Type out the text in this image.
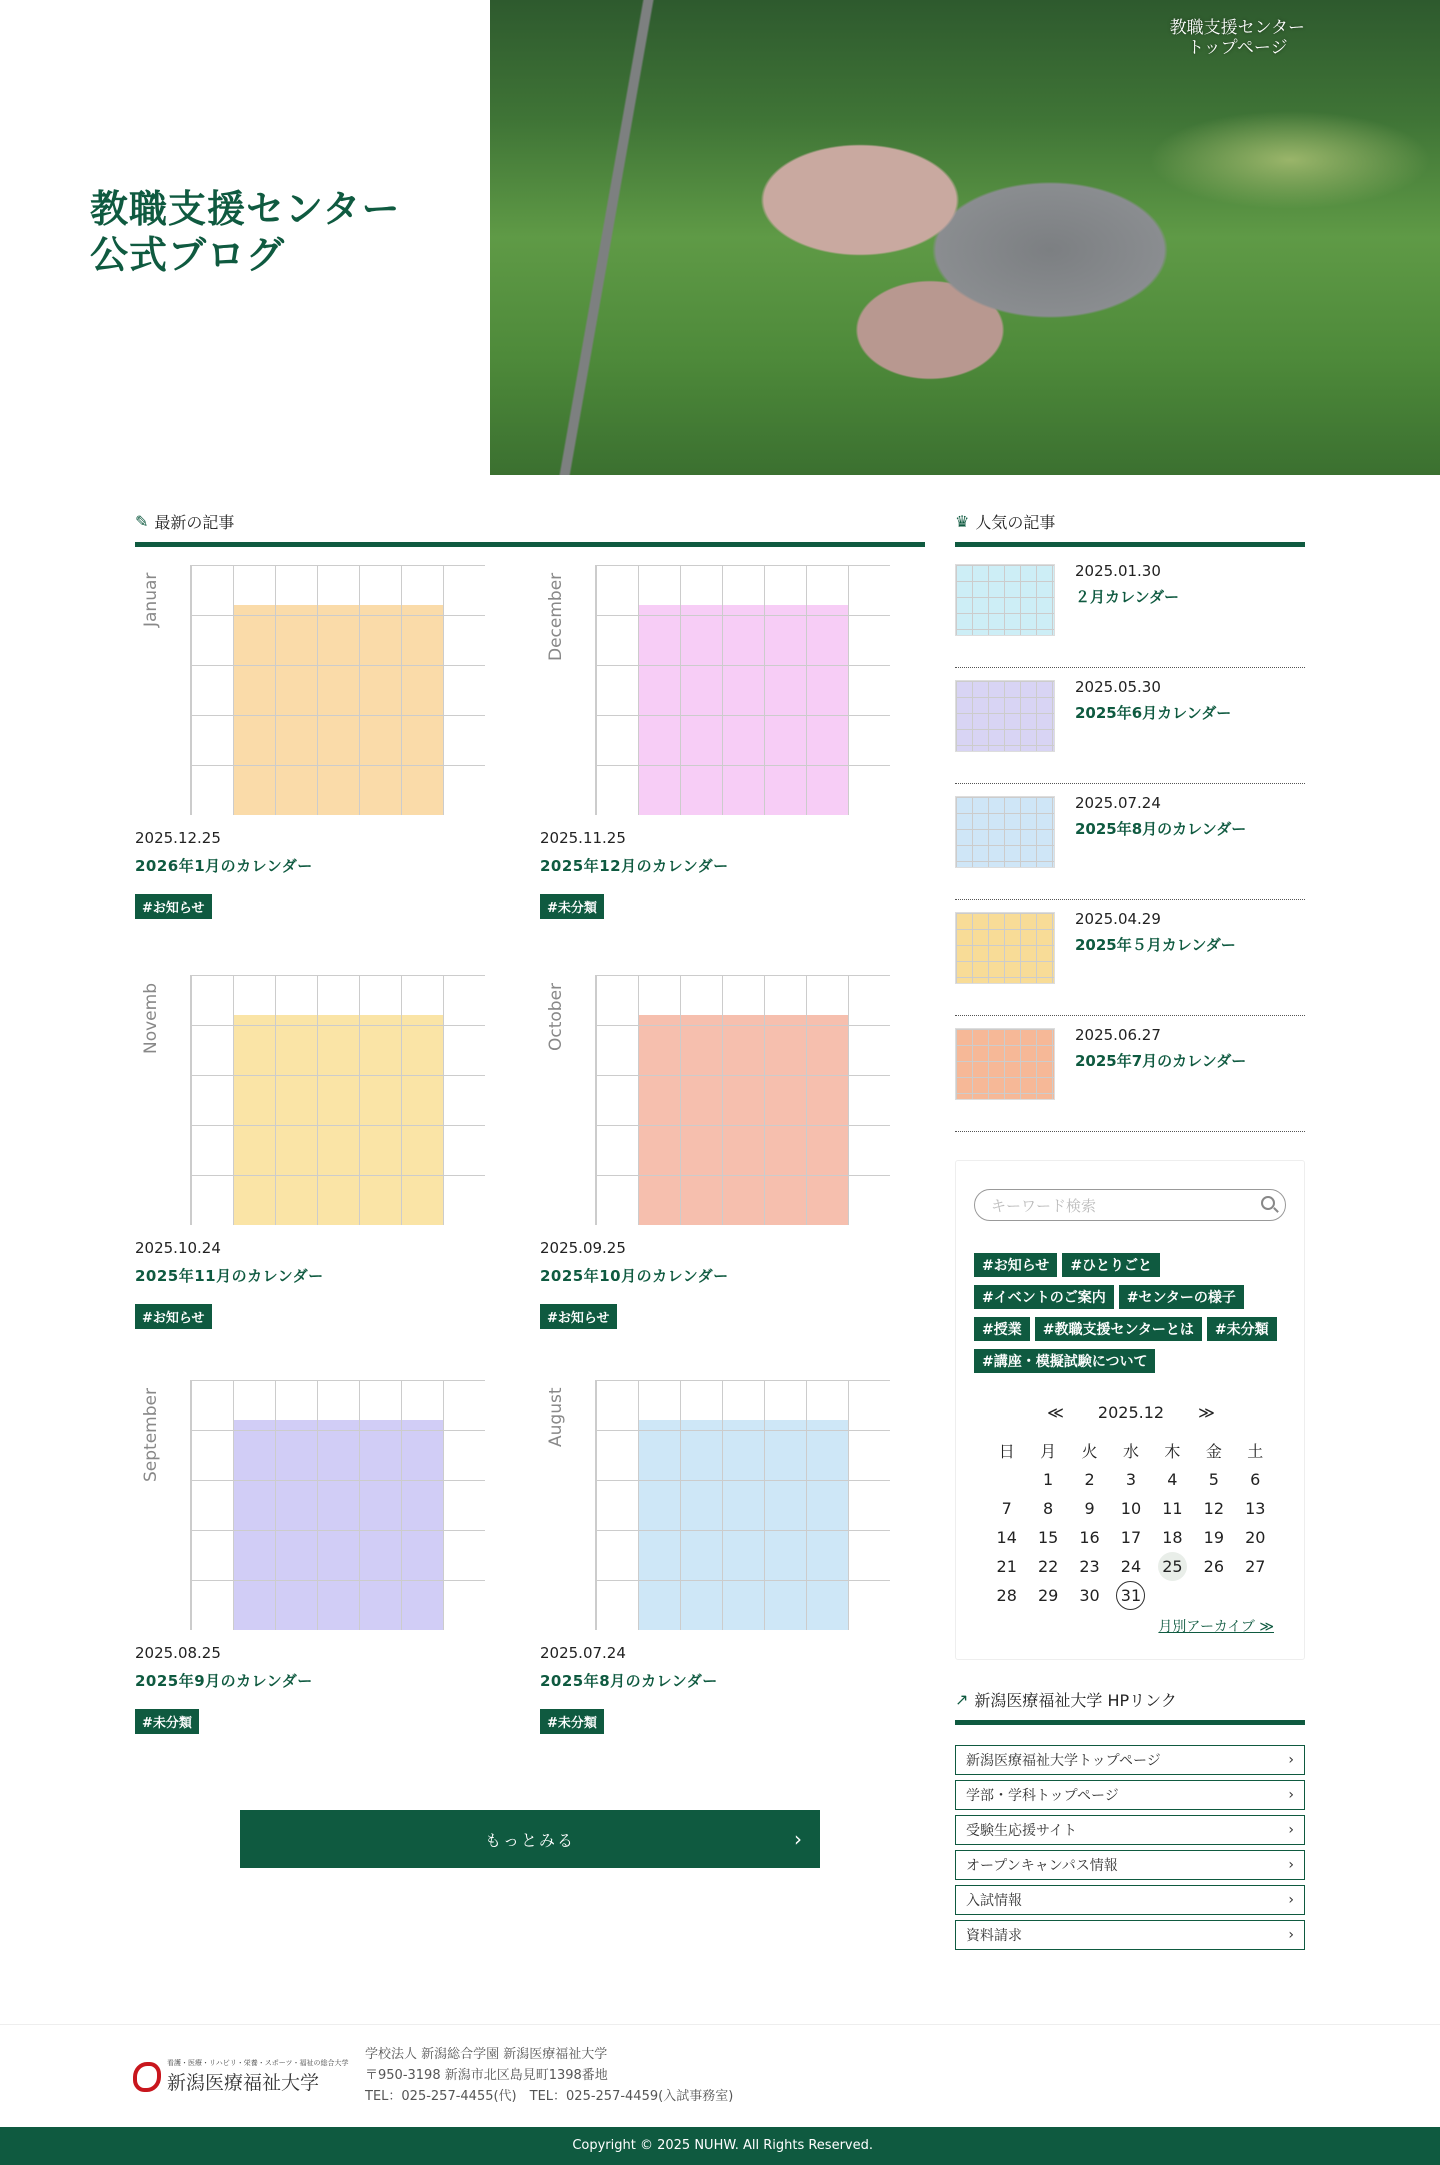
教職支援センター
公式ブログ
教職支援センター
トップページ
✎ 最新の記事
Januar
2025.12.25
2026年1月のカレンダー
#お知らせ
December
2025.11.25
2025年12月のカレンダー
#未分類
Novemb
2025.10.24
2025年11月のカレンダー
#お知らせ
October
2025.09.25
2025年10月のカレンダー
#お知らせ
September
2025.08.25
2025年9月のカレンダー
#未分類
August
2025.07.24
2025年8月のカレンダー
#未分類
もっとみる	›
♛ 人気の記事
2025.01.30
２月カレンダー
2025.05.30
2025年6月カレンダー
2025.07.24
2025年8月のカレンダー
2025.04.29
2025年５月カレンダー
2025.06.27
2025年7月のカレンダー
キーワード検索
#お知らせ	#ひとりごと
#イベントのご案内	#センターの様子
#授業	#教職支援センターとは	#未分類
#講座・模擬試験について
≪ 2025.12 ≫
日	月	火	水	木	金	土
	1	2	3	4	5	6
7	8	9	10	11	12	13
14	15	16	17	18	19	20
21	22	23	24	25	26	27
28	29	30	31			
月別アーカイブ ≫
↗ 新潟医療福祉大学 HPリンク
新潟医療福祉大学トップページ	›
学部・学科トップページ	›
受験生応援サイト	›
オープンキャンパス情報	›
入試情報	›
資料請求	›
看護・医療・リハビリ・栄養・スポーツ・福祉の総合大学
新潟医療福祉大学
学校法人 新潟総合学園 新潟医療福祉大学
〒950-3198 新潟市北区島見町1398番地
TEL：025-257-4455(代)　TEL：025-257-4459(入試事務室)
Copyright © 2025 NUHW. All Rights Reserved.
